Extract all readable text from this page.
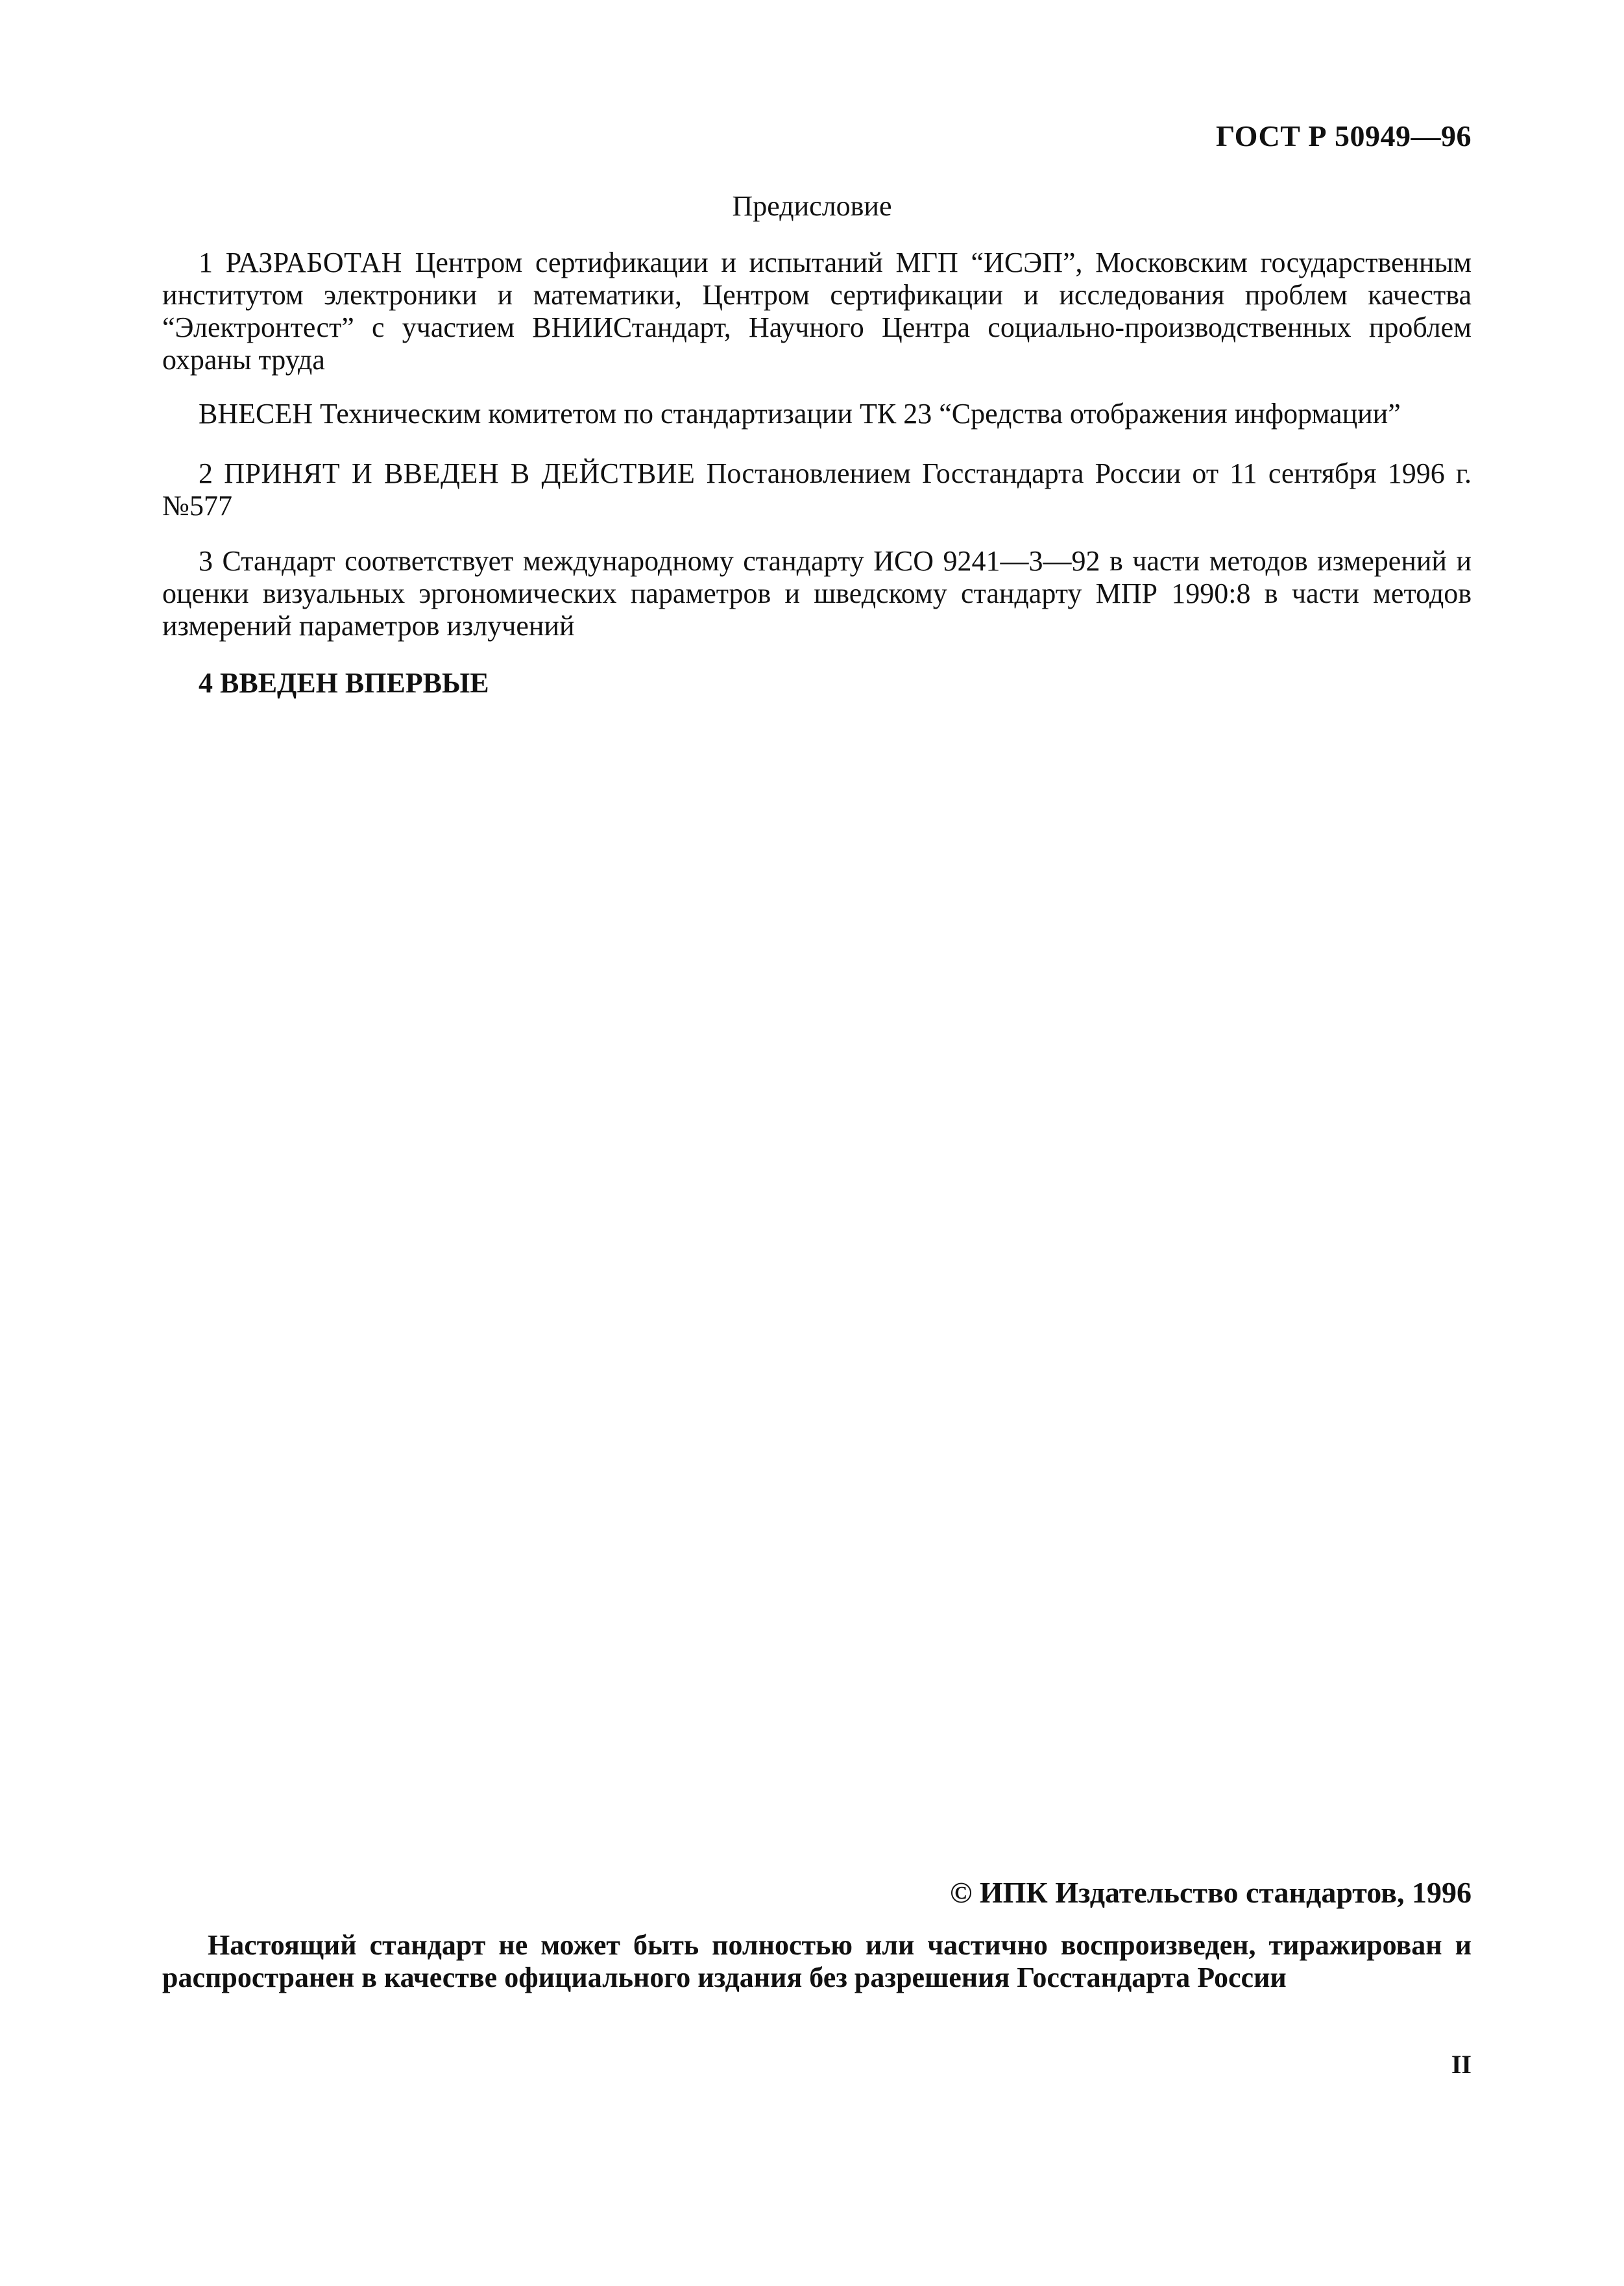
ГОСТ Р 50949—96
Предисловие

1 РАЗРАБОТАН Центром сертификации и испытаний МГП “ИСЭП”, Московским государственным институтом электроники и математики, Центром сертификации и исследования проблем качества “Электронтест” с участием ВНИИСтандарт, Научного Центра социально-производственных проблем охраны труда

ВНЕСЕН Техническим комитетом по стандартизации ТК 23 “Средства отображения информации”

2 ПРИНЯТ И ВВЕДЕН В ДЕЙСТВИЕ Постановлением Госстандарта России от 11 сентября 1996 г. №577

3 Стандарт соответствует международному стандарту ИСО 9241—3—92 в части методов измерений и оценки визуальных эргономических параметров и шведскому стандарту МПР 1990:8 в части методов измерений параметров излучений

4 ВВЕДЕН ВПЕРВЫЕ

© ИПК Издательство стандартов, 1996

Настоящий стандарт не может быть полностью или частично воспроизведен, тиражирован и распространен в качестве официального издания без разрешения Госстандарта России

II
